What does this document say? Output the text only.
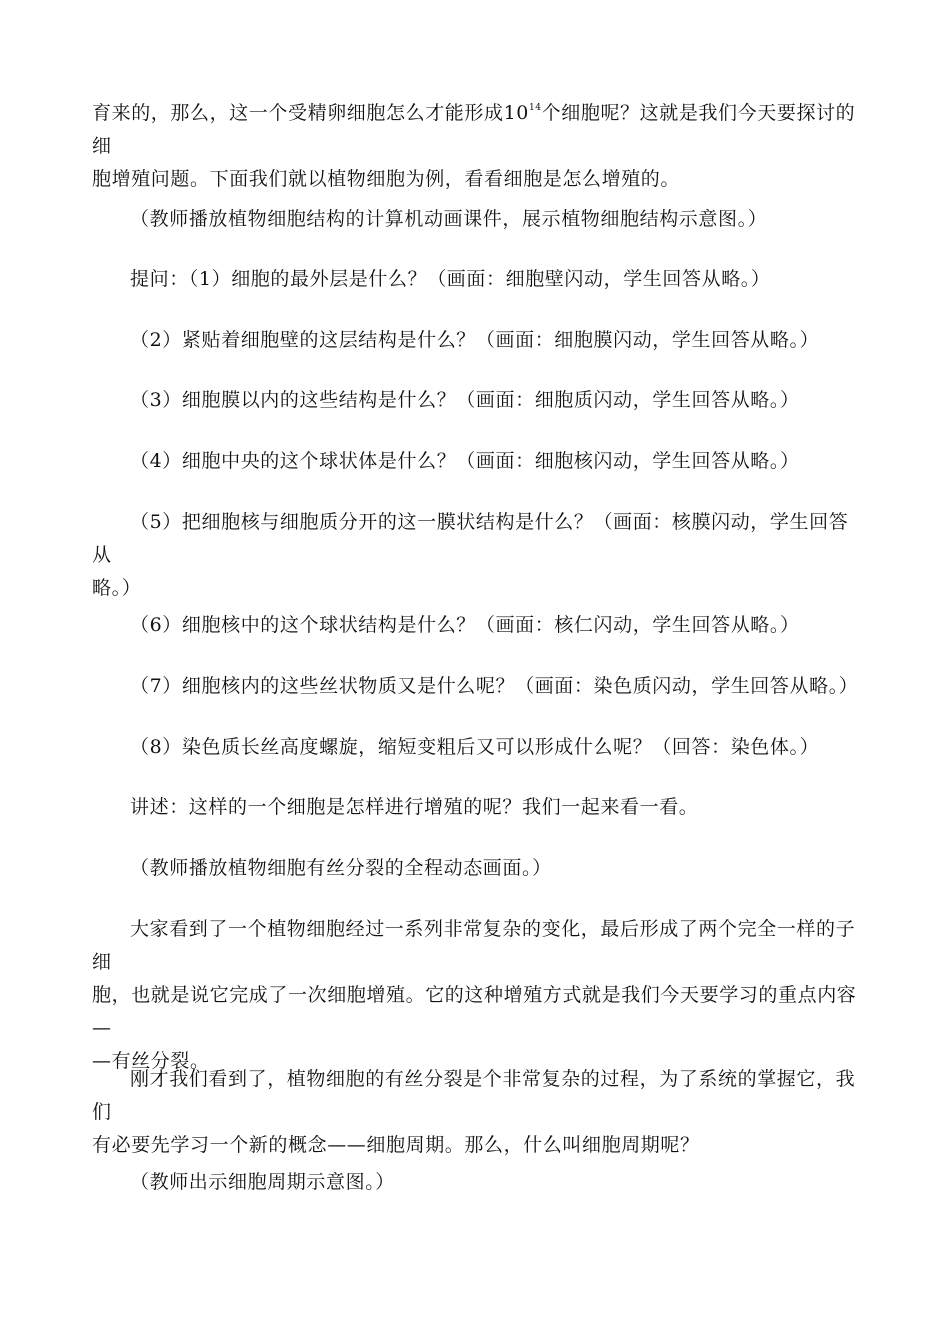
育来的，那么，这一个受精卵细胞怎么才能形成$10^{14}$个细胞呢？这就是我们今天要探讨的细
胞增殖问题。下面我们就以植物细胞为例，看看细胞是怎么增殖的。

（教师播放植物细胞结构的计算机动画课件，展示植物细胞结构示意图。）

提问：（1）细胞的最外层是什么？（画面：细胞壁闪动，学生回答从略。）

（2）紧贴着细胞壁的这层结构是什么？（画面：细胞膜闪动，学生回答从略。）

（3）细胞膜以内的这些结构是什么？（画面：细胞质闪动，学生回答从略。）

（4）细胞中央的这个球状体是什么？（画面：细胞核闪动，学生回答从略。）

（5）把细胞核与细胞质分开的这一膜状结构是什么？（画面：核膜闪动，学生回答从
略。）

（6）细胞核中的这个球状结构是什么？（画面：核仁闪动，学生回答从略。）

（7）细胞核内的这些丝状物质又是什么呢？（画面：染色质闪动，学生回答从略。）

（8）染色质长丝高度螺旋，缩短变粗后又可以形成什么呢？（回答：染色体。）

讲述：这样的一个细胞是怎样进行增殖的呢？我们一起来看一看。

（教师播放植物细胞有丝分裂的全程动态画面。）

大家看到了一个植物细胞经过一系列非常复杂的变化，最后形成了两个完全一样的子细
胞，也就是说它完成了一次细胞增殖。它的这种增殖方式就是我们今天要学习的重点内容—
—有丝分裂。

刚才我们看到了，植物细胞的有丝分裂是个非常复杂的过程，为了系统的掌握它，我们
有必要先学习一个新的概念——细胞周期。那么，什么叫细胞周期呢？

（教师出示细胞周期示意图。）
